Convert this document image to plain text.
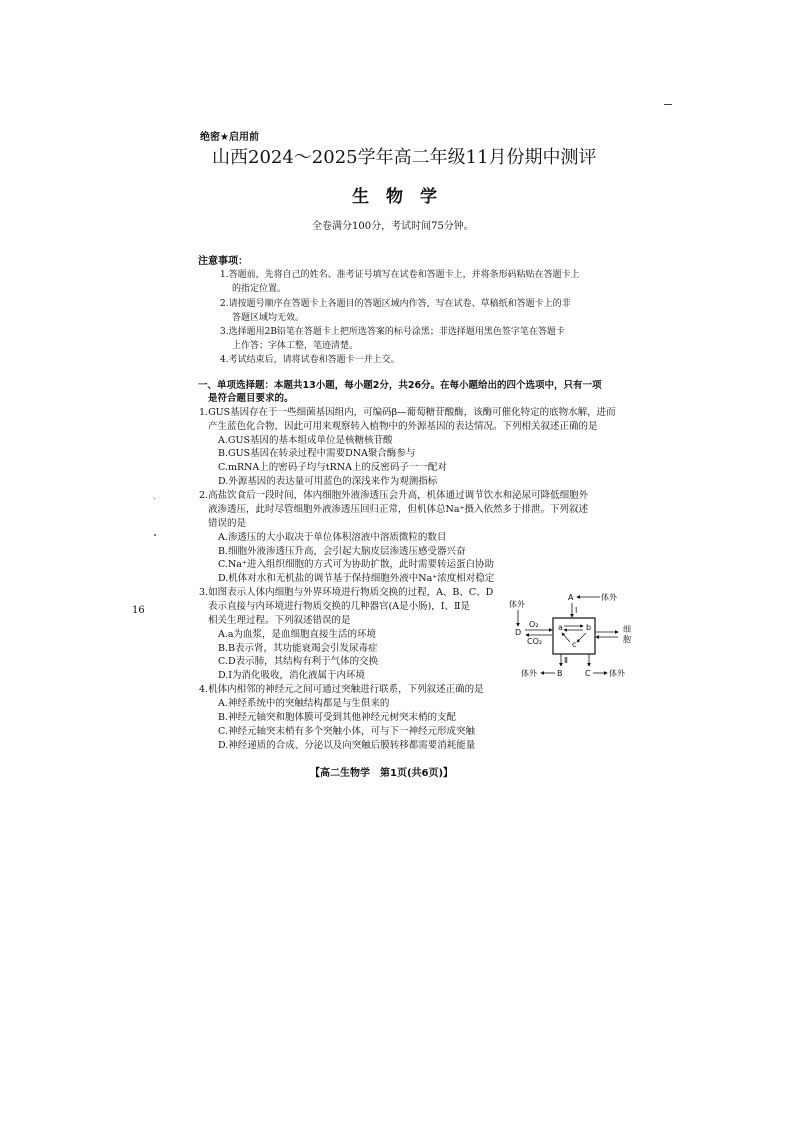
绝密★启用前
山西2024～2025学年高二年级11月份期中测评
生　物　学
全卷满分100分，考试时间75分钟。
注意事项：
1.答题前，先将自己的姓名、准考证号填写在试卷和答题卡上，并将条形码粘贴在答题卡上
的指定位置。
2.请按题号顺序在答题卡上各题目的答题区域内作答，写在试卷、草稿纸和答题卡上的非
答题区域均无效。
3.选择题用2B铅笔在答题卡上把所选答案的标号涂黑；非选择题用黑色签字笔在答题卡
上作答；字体工整，笔迹清楚。
4.考试结束后，请将试卷和答题卡一并上交。
一、单项选择题：本题共13小题，每小题2分，共26分。在每小题给出的四个选项中，只有一项
是符合题目要求的。
1.GUS基因存在于一些细菌基因组内，可编码β—葡萄糖苷酸酶，该酶可催化特定的底物水解，进而
产生蓝色化合物，因此可用来观察转入植物中的外源基因的表达情况。下列相关叙述正确的是
A.GUS基因的基本组成单位是核糖核苷酸
B.GUS基因在转录过程中需要DNA聚合酶参与
C.mRNA上的密码子均与tRNA上的反密码子一一配对
D.外源基因的表达量可用蓝色的深浅来作为观测指标
2.高盐饮食后一段时间，体内细胞外液渗透压会升高，机体通过调节饮水和泌尿可降低细胞外
液渗透压，此时尽管细胞外液渗透压回归正常，但机体总Na⁺摄入依然多于排泄。下列叙述
错误的是
A.渗透压的大小取决于单位体积溶液中溶质微粒的数目
B.细胞外液渗透压升高，会引起大脑皮层渗透压感受器兴奋
C.Na⁺进入组织细胞的方式可为协助扩散，此时需要转运蛋白协助
D.机体对水和无机盐的调节基于保持细胞外液中Na⁺浓度相对稳定
16
3.如图表示人体内细胞与外界环境进行物质交换的过程，A、B、C、D
表示直接与内环境进行物质交换的几种器官(A是小肠)，Ⅰ、Ⅱ是
相关生理过程。下列叙述错误的是
A.a为血浆，是血细胞直接生活的环境
B.B表示肾，其功能衰竭会引发尿毒症
C.D表示肺，其结构有利于气体的交换
D.Ⅰ为消化吸收，消化液属于内环境
A	体外
Ⅰ
体外
D
O₂
CO₂
a	b
c
细
胞
Ⅱ
B
体外	C 体外
4.机体内相邻的神经元之间可通过突触进行联系，下列叙述正确的是
A.神经系统中的突触结构都是与生俱来的
B.神经元轴突和胞体膜可受到其他神经元树突末梢的支配
C.神经元轴突末梢有多个突触小体，可与下一神经元形成突触
D.神经递质的合成、分泌以及向突触后膜转移都需要消耗能量
【高二生物学　第1页(共6页)】
